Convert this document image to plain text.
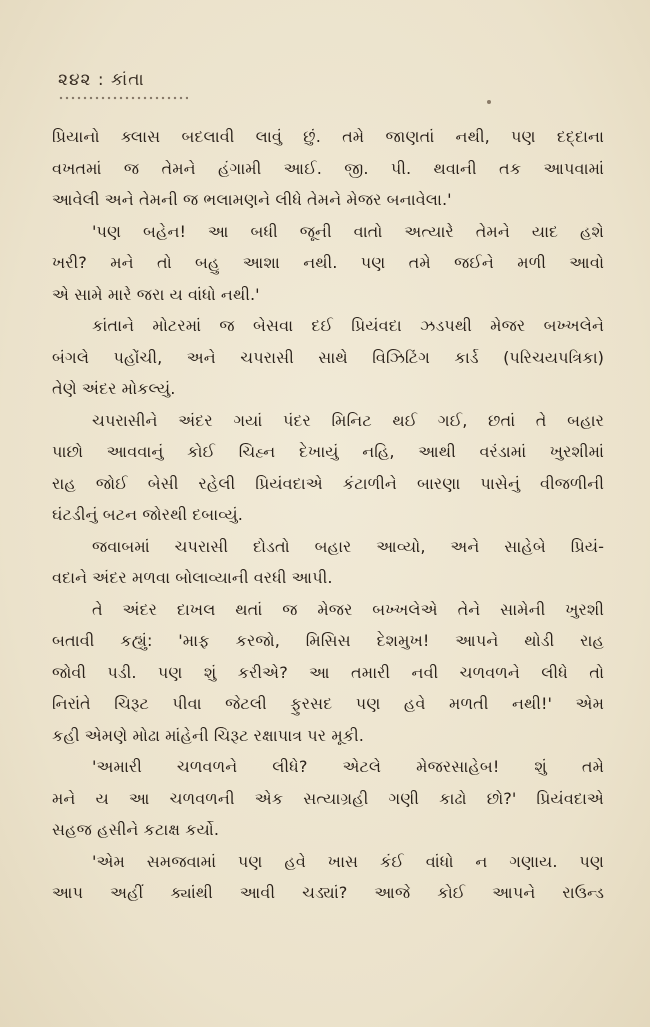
૨૪૨ : કાંતા
પ્રિયાનો ક્લાસ બદલાવી લાવું છું. તમે જાણતાં નથી, પણ દદ્દાના
વખતમાં જ તેમને હંગામી આઈ. જી. પી. થવાની તક આપવામાં
આવેલી અને તેમની જ ભલામણને લીધે તેમને મેજર બનાવેલા.'
'પણ બહેન! આ બધી જૂની વાતો અત્યારે તેમને યાદ હશે
ખરી? મને તો બહુ આશા નથી. પણ તમે જઈને મળી આવો
એ સામે મારે જરા ય વાંધો નથી.'
કાંતાને મોટરમાં જ બેસવા દઈ પ્રિયંવદા ઝડપથી મેજર બખ્ખલેને
બંગલે પહોંચી, અને ચપરાસી સાથે વિઝિટિંગ કાર્ડ (પરિચયપત્રિકા)
તેણે અંદર મોકલ્યું.
ચપરાસીને અંદર ગયાં પંદર મિનિટ થઈ ગઈ, છતાં તે બહાર
પાછો આવવાનું કોઈ ચિહ્ન દેખાયું નહિ, આથી વરંડામાં ખુરશીમાં
રાહ જોઈ બેસી રહેલી પ્રિયંવદાએ કંટાળીને બારણા પાસેનું વીજળીની
ઘંટડીનું બટન જોરથી દબાવ્યું.
જવાબમાં ચપરાસી દોડતો બહાર આવ્યો, અને સાહેબે પ્રિયં-
વદાને અંદર મળવા બોલાવ્યાની વરધી આપી.
તે અંદર દાખલ થતાં જ મેજર બખ્ખલેએ તેને સામેની ખુરશી
બતાવી કહ્યું: 'માફ કરજો, મિસિસ દેશમુખ! આપને થોડી રાહ
જોવી પડી. પણ શું કરીએ? આ તમારી નવી ચળવળને લીધે તો
નિરાંતે ચિરૂટ પીવા જેટલી ફુરસદ પણ હવે મળતી નથી!' એમ
કહી એમણે મોઢા માંહેની ચિરૂટ રક્ષાપાત્ર પર મૂકી.
'અમારી ચળવળને લીધે? એટલે મેજરસાહેબ! શું તમે
મને ય આ ચળવળની એક સત્યાગ્રહી ગણી કાઢો છો?' પ્રિયંવદાએ
સહજ હસીને કટાક્ષ કર્યો.
'એમ સમજવામાં પણ હવે ખાસ કંઈ વાંધો ન ગણાય. પણ
આપ અહીં ક્યાંથી આવી ચડ્યાં? આજે કોઈ આપને રાઉન્ડ
